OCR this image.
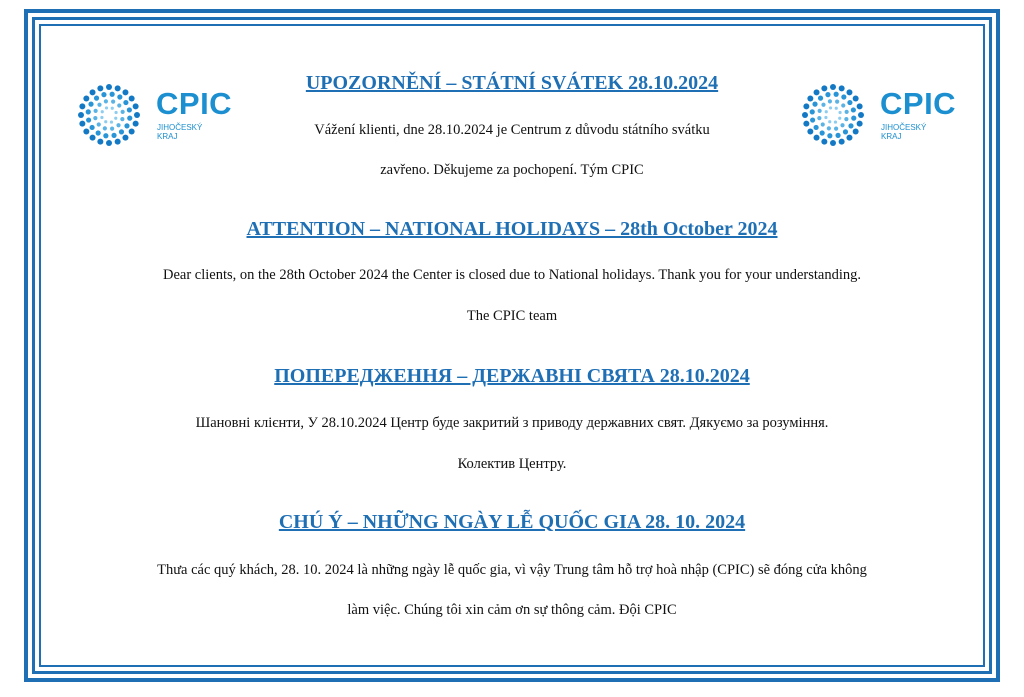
CPIC
JIHOČESKÝ
KRAJ
CPIC
JIHOČESKÝ
KRAJ
UPOZORNĚNÍ – STÁTNÍ SVÁTEK 28.10.2024
Vážení klienti, dne 28.10.2024 je Centrum z důvodu státního svátku
zavřeno. Děkujeme za pochopení. Tým CPIC
ATTENTION – NATIONAL HOLIDAYS – 28th October 2024
Dear clients, on the 28th October 2024 the Center is closed due to National holidays. Thank you for your understanding.
The CPIC team
ПОПЕРЕДЖЕННЯ – ДЕРЖАВНІ СВЯТА 28.10.2024
Шановні клієнти, У 28.10.2024 Центр буде закритий з приводу державних свят. Дякуємо за розуміння.
Колектив Центру.
CHÚ Ý – NHỮNG NGÀY LỄ QUỐC GIA 28. 10. 2024
Thưa các quý khách, 28. 10. 2024 là những ngày lễ quốc gia, vì vậy Trung tâm hỗ trợ hoà nhập (CPIC) sẽ đóng cửa không
làm việc. Chúng tôi xin cảm ơn sự thông cảm. Đội CPIC
